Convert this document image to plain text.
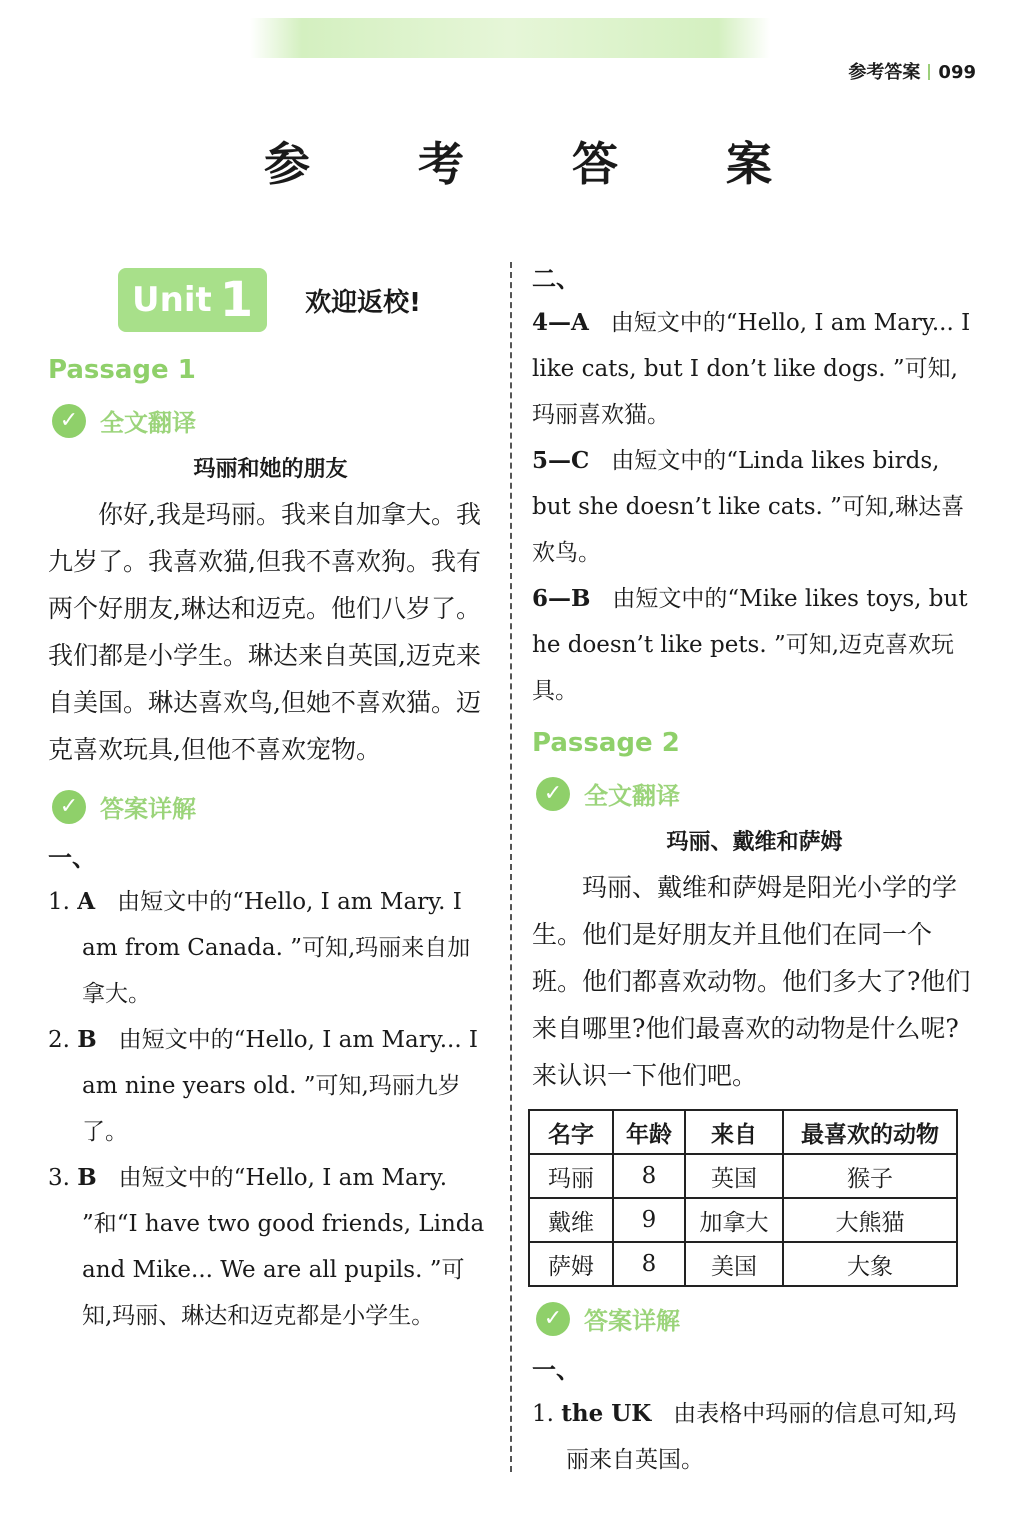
参考答案 099
参 考 答 案
Unit 1 欢迎返校!
Passage 1
✓ 全文翻译
玛丽和她的朋友

你好,我是玛丽。我来自加拿大。我九岁了。我喜欢猫,但我不喜欢狗。我有两个好朋友,琳达和迈克。他们八岁了。我们都是小学生。琳达来自英国,迈克来自美国。琳达喜欢鸟,但她不喜欢猫。迈克喜欢玩具,但他不喜欢宠物。

✓ 答案详解
一、

1. A 由短文中的“Hello, I am Mary. I am from Canada. ”可知,玛丽来自加拿大。

2. B 由短文中的“Hello, I am Mary... I am nine years old. ”可知,玛丽九岁了。

3. B 由短文中的“Hello, I am Mary. ”和“I have two good friends, Linda and Mike... We are all pupils. ”可知,玛丽、琳达和迈克都是小学生。

二、

4—A 由短文中的“Hello, I am Mary... I like cats, but I don’t like dogs. ”可知,玛丽喜欢猫。

5—C 由短文中的“Linda likes birds, but she doesn’t like cats. ”可知,琳达喜欢鸟。

6—B 由短文中的“Mike likes toys, but he doesn’t like pets. ”可知,迈克喜欢玩具。

Passage 2
✓ 全文翻译
玛丽、戴维和萨姆

玛丽、戴维和萨姆是阳光小学的学生。他们是好朋友并且他们在同一个班。他们都喜欢动物。他们多大了?他们来自哪里?他们最喜欢的动物是什么呢?来认识一下他们吧。

名字	年龄	来自	最喜欢的动物
玛丽	8	英国	猴子
戴维	9	加拿大	大熊猫
萨姆	8	美国	大象
✓ 答案详解
一、

1. the UK 由表格中玛丽的信息可知,玛丽来自英国。
